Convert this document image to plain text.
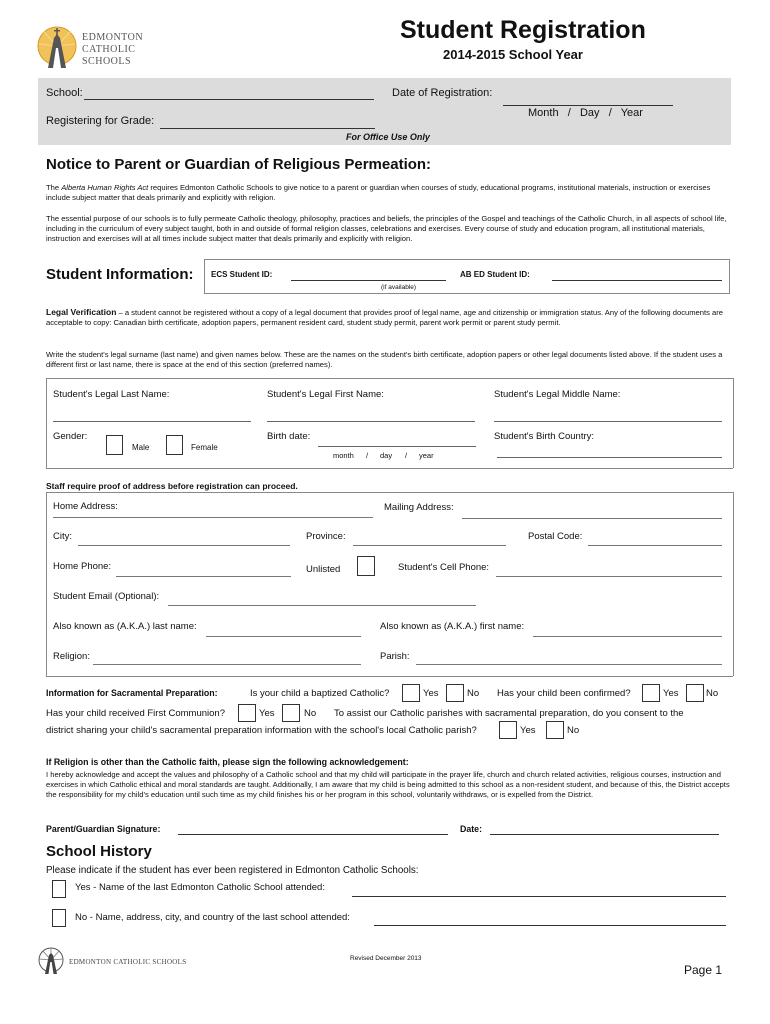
EDMONTON
CATHOLIC
SCHOOLS
Student Registration
2014-2015 School Year
School:	Date of Registration:
Month   /   Day   /   Year
Registering for Grade:
For Office Use Only
Notice to Parent or Guardian of Religious Permeation:
The Alberta Human Rights Act requires Edmonton Catholic Schools to give notice to a parent or guardian when courses of study, educational programs, institutional materials, instruction or exercises include subject matter that deals primarily and explicitly with religion.
The essential purpose of our schools is to fully permeate Catholic theology, philosophy, practices and beliefs, the principles of the Gospel and teachings of the Catholic Church, in all aspects of school life, including in the curriculum of every subject taught, both in and outside of formal religion classes, celebrations and exercises. Every course of study and education program, all institutional materials, instruction and exercises will at all times include subject matter that deals primarily and explicitly with religion.
Student Information: ECS Student ID:
(if available)
AB ED Student ID:
Legal Verification – a student cannot be registered without a copy of a legal document that provides proof of legal name, age and citizenship or immigration status. Any of the following documents are acceptable to copy: Canadian birth certificate, adoption papers, permanent resident card, student study permit, parent work permit or parent study permit.
Write the student's legal surname (last name) and given names below. These are the names on the student's birth certificate, adoption papers or other legal documents listed above. If the student uses a different first or last name, there is space at the end of this section (preferred names).
Student's Legal Last Name:	Student's Legal First Name:	Student's Legal Middle Name:
Gender:
Male	Female
Birth date:
month / day / year
Student's Birth Country:
Staff require proof of address before registration can proceed.
Home Address:	Mailing Address:
City:	Province:	Postal Code:
Home Phone:	Unlisted	Student's Cell Phone:
Student Email (Optional):
Also known as (A.K.A.) last name:	Also known as (A.K.A.) first name:
Religion:	Parish:
Information for Sacramental Preparation:	Is your child a baptized Catholic?	Yes	No Has your child been confirmed?	Yes	No
Has your child received First Communion?	Yes	No To assist our Catholic parishes with sacramental preparation, do you consent to the
district sharing your child's sacramental preparation information with the school's local Catholic parish?	Yes	No
If Religion is other than the Catholic faith, please sign the following acknowledgement:
I hereby acknowledge and accept the values and philosophy of a Catholic school and that my child will participate in the prayer life, church and church related activities, religious courses, instruction and exercises in which Catholic ethical and moral standards are taught. Additionally, I am aware that my child is being admitted to this school as a non-resident student, and because of this, the District accepts the responsibility for my child's education until such time as my child finishes his or her program in this school, voluntarily withdraws, or is expelled from the District.
Parent/Guardian Signature:	Date:
School History
Please indicate if the student has ever been registered in Edmonton Catholic Schools:
Yes - Name of the last Edmonton Catholic School attended:
No - Name, address, city, and country of the last school attended:
EDMONTON CATHOLIC SCHOOLS	Revised December 2013
Page 1
